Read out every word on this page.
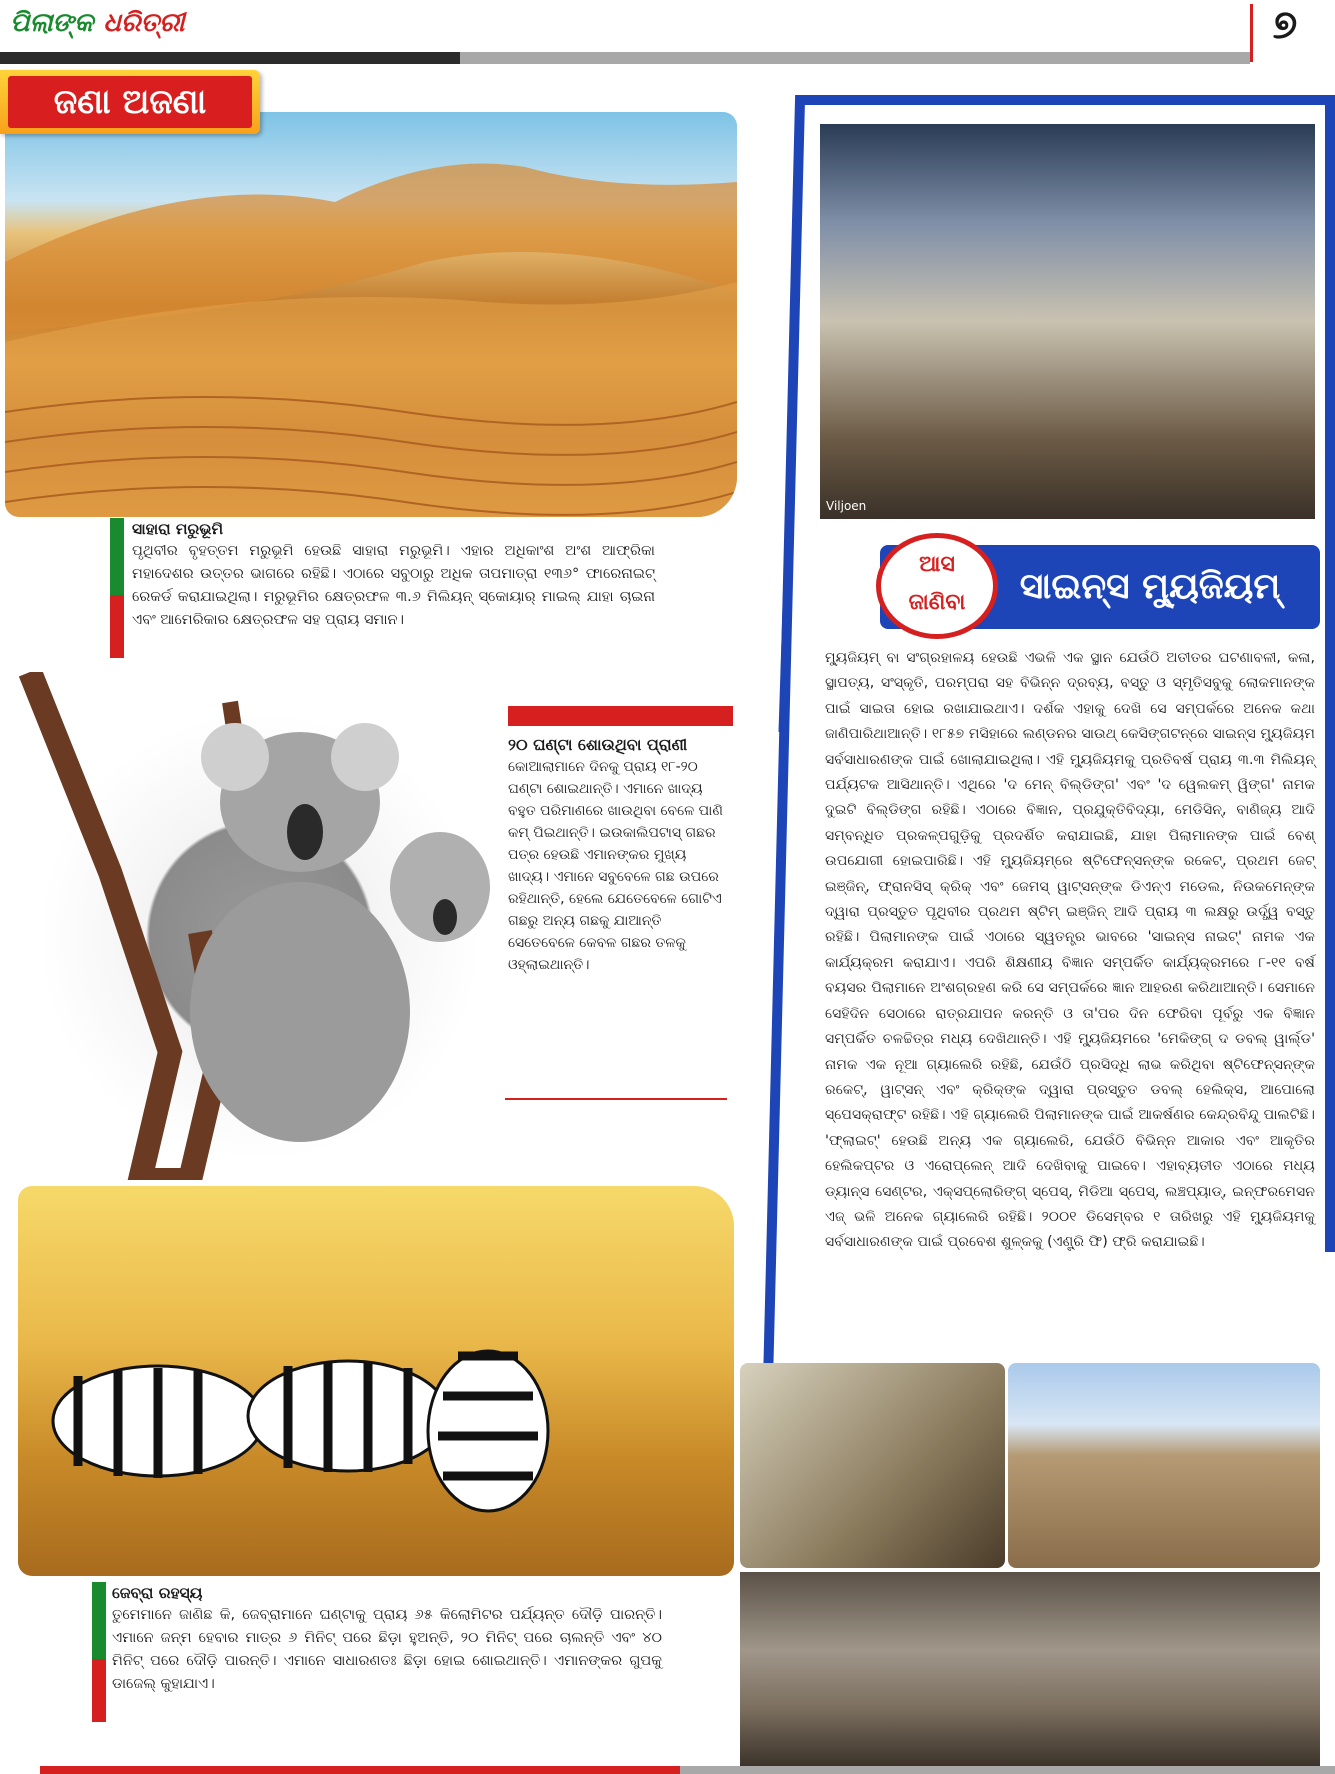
ପିଲାଙ୍କ ଧରିତ୍ରୀ	୭
ଜଣା ଅଜଣା
ସାହାରା ମରୁଭୂମି
ପୃଥିବୀର ବୃହତ୍ତମ ମରୁଭୂମି ହେଉଛି ସାହାରା ମରୁଭୂମି। ଏହାର ଅଧିକାଂଶ ଅଂଶ ଆଫ୍ରିକା ମହାଦେଶର ଉତ୍ତର ଭାଗରେ ରହିଛି। ଏଠାରେ ସବୁଠାରୁ ଅଧିକ ତାପମାତ୍ରା ୧୩୬° ଫାରେନାଇଟ୍ ରେକର୍ଡ କରାଯାଇଥିଲା। ମରୁଭୂମିର କ୍ଷେତ୍ରଫଳ ୩.୬ ମିଲିୟନ୍ ସ୍କୋୟାର୍ ମାଇଲ୍ ଯାହା ଚାଇନା ଏବଂ ଆମେରିକାର କ୍ଷେତ୍ରଫଳ ସହ ପ୍ରାୟ ସମାନ।
୨୦ ଘଣ୍ଟା ଶୋଉଥିବା ପ୍ରାଣୀ
କୋଆଲାମାନେ ଦିନକୁ ପ୍ରାୟ ୧୮-୨୦ ଘଣ୍ଟା ଶୋଇଥାନ୍ତି। ଏମାନେ ଖାଦ୍ୟ ବହୁତ ପରିମାଣରେ ଖାଉଥିବା ବେଳେ ପାଣି କମ୍ ପିଇଥାନ୍ତି। ଇଉକାଲିପଟାସ୍ ଗଛର ପତ୍ର ହେଉଛି ଏମାନଙ୍କର ମୁଖ୍ୟ ଖାଦ୍ୟ। ଏମାନେ ସବୁବେଳେ ଗଛ ଉପରେ ରହିଥାନ୍ତି, ହେଲେ ଯେତେବେଳେ ଗୋଟିଏ ଗଛରୁ ଅନ୍ୟ ଗଛକୁ ଯାଆନ୍ତି ସେତେବେଳେ କେବଳ ଗଛର ତଳକୁ ଓହ୍ଲାଇଥାନ୍ତି।
ଜେବ୍ରା ରହସ୍ୟ
ତୁମେମାନେ ଜାଣିଛ କି, ଜେବ୍ରାମାନେ ଘଣ୍ଟାକୁ ପ୍ରାୟ ୬୫ କିଲୋମିଟର ପର୍ଯ୍ୟନ୍ତ ଦୌଡ଼ି ପାରନ୍ତି। ଏମାନେ ଜନ୍ମ ହେବାର ମାତ୍ର ୬ ମିନିଟ୍ ପରେ ଛିଡ଼ା ହୁଅନ୍ତି, ୨୦ ମିନିଟ୍ ପରେ ଚାଲନ୍ତି ଏବଂ ୪୦ ମିନିଟ୍ ପରେ ଦୌଡ଼ି ପାରନ୍ତି। ଏମାନେ ସାଧାରଣତଃ ଛିଡ଼ା ହୋଇ ଶୋଇଥାନ୍ତି। ଏମାନଙ୍କର ଗୁପକୁ ଡାଜେଲ୍ କୁହାଯାଏ।
Viljoen
ସାଇନ୍ସ ମ୍ୟୁଜିୟମ୍
ଆସ
ଜାଣିବା
ମ୍ୟୁଜିୟମ୍ ବା ସଂଗ୍ରହାଳୟ ହେଉଛି ଏଭଳି ଏକ ସ୍ଥାନ ଯେଉଁଠି ଅତୀତର ଘଟଣାବଳୀ, କଳା, ସ୍ଥାପତ୍ୟ, ସଂସ୍କୃତି, ପରମ୍ପରା ସହ ବିଭିନ୍ନ ଦ୍ରବ୍ୟ, ବସ୍ତୁ ଓ ସ୍ମୃତିସବୁକୁ ଲୋକମାନଙ୍କ ପାଇଁ ସାଇତା ହୋଇ ରଖାଯାଇଥାଏ। ଦର୍ଶକ ଏହାକୁ ଦେଖି ସେ ସମ୍ପର୍କରେ ଅନେକ କଥା ଜାଣିପାରିଥାଆନ୍ତି। ୧୮୫୭ ମସିହାରେ ଲଣ୍ଡନର ସାଉଥ୍ କେସିଙ୍ଗଟନ୍‌ରେ ସାଇନ୍ସ ମ୍ୟୁଜିୟମ ସର୍ବସାଧାରଣଙ୍କ ପାଇଁ ଖୋଲାଯାଇଥିଲା। ଏହି ମ୍ୟୁଜିୟମକୁ ପ୍ରତିବର୍ଷ ପ୍ରାୟ ୩.୩ ମିଲିୟନ୍ ପର୍ଯ୍ୟଟକ ଆସିଥାନ୍ତି। ଏଥିରେ 'ଦ ମେନ୍ ବିଲ୍ଡିଙ୍ଗ' ଏବଂ 'ଦ ୱେଲକମ୍ ୱିଙ୍ଗ' ନାମକ ଦୁଇଟି ବିଲ୍ଡିଙ୍ଗ ରହିଛି। ଏଠାରେ ବିଜ୍ଞାନ, ପ୍ରଯୁକ୍ତିବିଦ୍ୟା, ମେଡିସିନ୍, ବାଣିଜ୍ୟ ଆଦି ସମ୍ବନ୍ଧିତ ପ୍ରକଳ୍ପଗୁଡ଼ିକୁ ପ୍ରଦର୍ଶିତ କରାଯାଇଛି, ଯାହା ପିଲାମାନଙ୍କ ପାଇଁ ବେଶ୍ ଉପଯୋଗୀ ହୋଇପାରିଛି। ଏହି ମ୍ୟୁଜିୟମ୍‌ରେ ଷ୍ଟିଫେନ୍‌ସନ୍‌ଙ୍କ ରକେଟ୍, ପ୍ରଥମ ଜେଟ୍ ଇଞ୍ଜିନ୍, ଫ୍ରାନସିସ୍ କ୍ରିକ୍ ଏବଂ ଜେମସ୍ ୱାଟ୍‌ସନ୍‌ଙ୍କ ଡିଏନ୍‌ଏ ମଡେଲ, ନିଉକମେନ୍‌ଙ୍କ ଦ୍ୱାରା ପ୍ରସ୍ତୁତ ପୃଥିବୀର ପ୍ରଥମ ଷ୍ଟିମ୍ ଇଞ୍ଜିନ୍ ଆଦି ପ୍ରାୟ ୩ ଲକ୍ଷରୁ ଉର୍ଦ୍ଧ୍ୱ ବସ୍ତୁ ରହିଛି। ପିଲାମାନଙ୍କ ପାଇଁ ଏଠାରେ ସ୍ୱତନ୍ତ୍ର ଭାବରେ 'ସାଇନ୍ସ ନାଇଟ୍' ନାମକ ଏକ କାର୍ଯ୍ୟକ୍ରମ କରାଯାଏ। ଏପରି ଶିକ୍ଷଣୀୟ ବିଜ୍ଞାନ ସମ୍ପର୍କିତ କାର୍ଯ୍ୟକ୍ରମରେ ୮-୧୧ ବର୍ଷ ବୟସର ପିଲାମାନେ ଅଂଶଗ୍ରହଣ କରି ସେ ସମ୍ପର୍କରେ ଜ୍ଞାନ ଆହରଣ କରିଥାଆନ୍ତି। ସେମାନେ ସେହିଦିନ ସେଠାରେ ରାତ୍ରଯାପନ କରନ୍ତି ଓ ତା'ପର ଦିନ ଫେରିବା ପୂର୍ବରୁ ଏକ ବିଜ୍ଞାନ ସମ୍ପର୍କିତ ଚଳଚ୍ଚିତ୍ର ମଧ୍ୟ ଦେଖିଥାନ୍ତି। ଏହି ମ୍ୟୁଜିୟମରେ 'ମେକିଙ୍ଗ୍ ଦ ଡବଲ୍ ୱାର୍ଲ୍ଡ' ନାମକ ଏକ ନୂଆ ଗ୍ୟାଲେରି ରହିଛି, ଯେଉଁଠି ପ୍ରସିଦ୍ଧି ଲାଭ କରିଥିବା ଷ୍ଟିଫେନ୍‌ସନ୍‌ଙ୍କ ରକେଟ୍, ୱାଟ୍‌ସନ୍ ଏବଂ କ୍ରିକ୍‌ଙ୍କ ଦ୍ୱାରା ପ୍ରସ୍ତୁତ ଡବଲ୍ ହେଲିକ୍ସ, ଆପୋଲୋ ସ୍ପେସକ୍ରାଫ୍ଟ ରହିଛି। ଏହି ଗ୍ୟାଲେରି ପିଲାମାନଙ୍କ ପାଇଁ ଆକର୍ଷଣର କେନ୍ଦ୍ରବିନ୍ଦୁ ପାଲଟିଛି। 'ଫ୍ଲାଇଟ୍' ହେଉଛି ଅନ୍ୟ ଏକ ଗ୍ୟାଲେରି, ଯେଉଁଠି ବିଭିନ୍ନ ଆକାର ଏବଂ ଆକୃତିର ହେଲିକପ୍ଟର ଓ ଏରୋପ୍ଲେନ୍ ଆଦି ଦେଖିବାକୁ ପାଇବେ। ଏହାବ୍ୟତୀତ ଏଠାରେ ମଧ୍ୟ ଡ୍ୟାନ୍ସ ସେଣ୍ଟର, ଏକ୍ସପ୍ଲୋରିଙ୍ଗ୍ ସ୍ପେସ୍, ମିଡିଆ ସ୍ପେସ୍, ଲଞ୍ଚପ୍ୟାଡ୍, ଇନ୍‌ଫରମେସନ ଏଜ୍ ଭଳି ଅନେକ ଗ୍ୟାଲେରି ରହିଛି। ୨୦୦୧ ଡିସେମ୍ବର ୧ ତାରିଖରୁ ଏହି ମ୍ୟୁଜିୟମକୁ ସର୍ବସାଧାରଣଙ୍କ ପାଇଁ ପ୍ରବେଶ ଶୁଳ୍କକୁ (ଏଣ୍ଟ୍ରି ଫି) ଫ୍ରି କରାଯାଇଛି।
